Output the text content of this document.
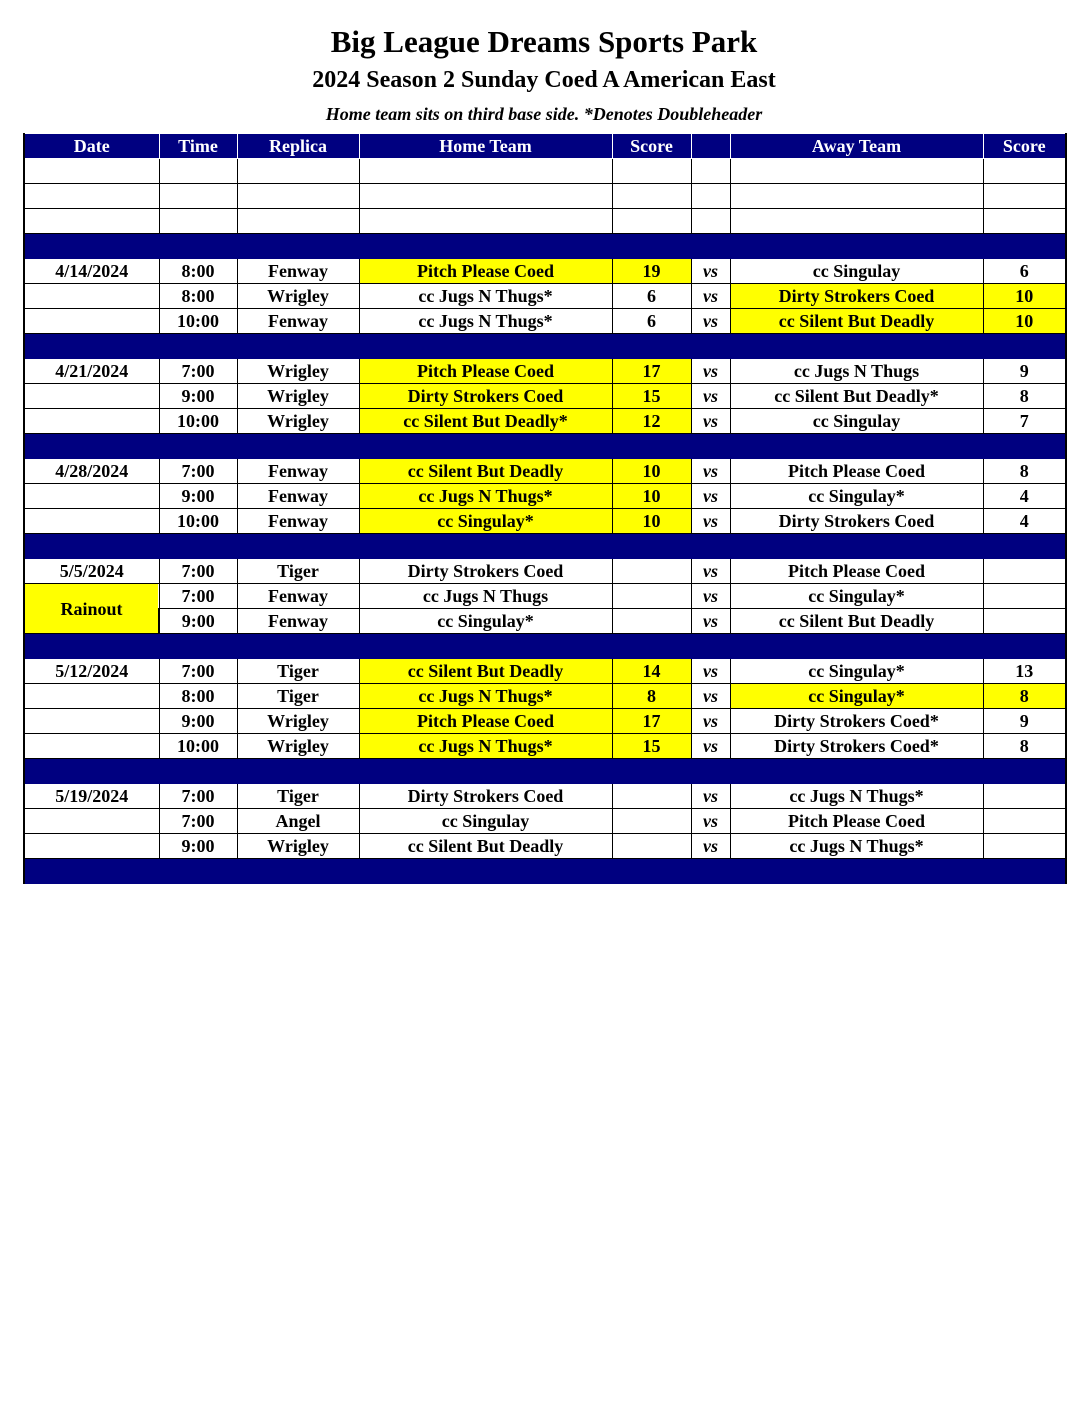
Big League Dreams Sports Park
2024 Season 2 Sunday Coed A American East
Home team sits on third base side. *Denotes Doubleheader
Date	Time	Replica	Home Team	Score		Away Team	Score

4/14/2024	8:00	Fenway	Pitch Please Coed	19	vs	cc Singulay	6
	8:00	Wrigley	cc Jugs N Thugs*	6	vs	Dirty Strokers Coed	10
	10:00	Fenway	cc Jugs N Thugs*	6	vs	cc Silent But Deadly	10

4/21/2024	7:00	Wrigley	Pitch Please Coed	17	vs	cc Jugs N Thugs	9
	9:00	Wrigley	Dirty Strokers Coed	15	vs	cc Silent But Deadly*	8
	10:00	Wrigley	cc Silent But Deadly*	12	vs	cc Singulay	7

4/28/2024	7:00	Fenway	cc Silent But Deadly	10	vs	Pitch Please Coed	8
	9:00	Fenway	cc Jugs N Thugs*	10	vs	cc Singulay*	4
	10:00	Fenway	cc Singulay*	10	vs	Dirty Strokers Coed	4

5/5/2024	7:00	Tiger	Dirty Strokers Coed		vs	Pitch Please Coed	
Rainout	7:00	Fenway	cc Jugs N Thugs		vs	cc Singulay*	
	9:00	Fenway	cc Singulay*		vs	cc Silent But Deadly	

5/12/2024	7:00	Tiger	cc Silent But Deadly	14	vs	cc Singulay*	13
	8:00	Tiger	cc Jugs N Thugs*	8	vs	cc Singulay*	8
	9:00	Wrigley	Pitch Please Coed	17	vs	Dirty Strokers Coed*	9
	10:00	Wrigley	cc Jugs N Thugs*	15	vs	Dirty Strokers Coed*	8

5/19/2024	7:00	Tiger	Dirty Strokers Coed		vs	cc Jugs N Thugs*	
	7:00	Angel	cc Singulay		vs	Pitch Please Coed	
	9:00	Wrigley	cc Silent But Deadly		vs	cc Jugs N Thugs*	
